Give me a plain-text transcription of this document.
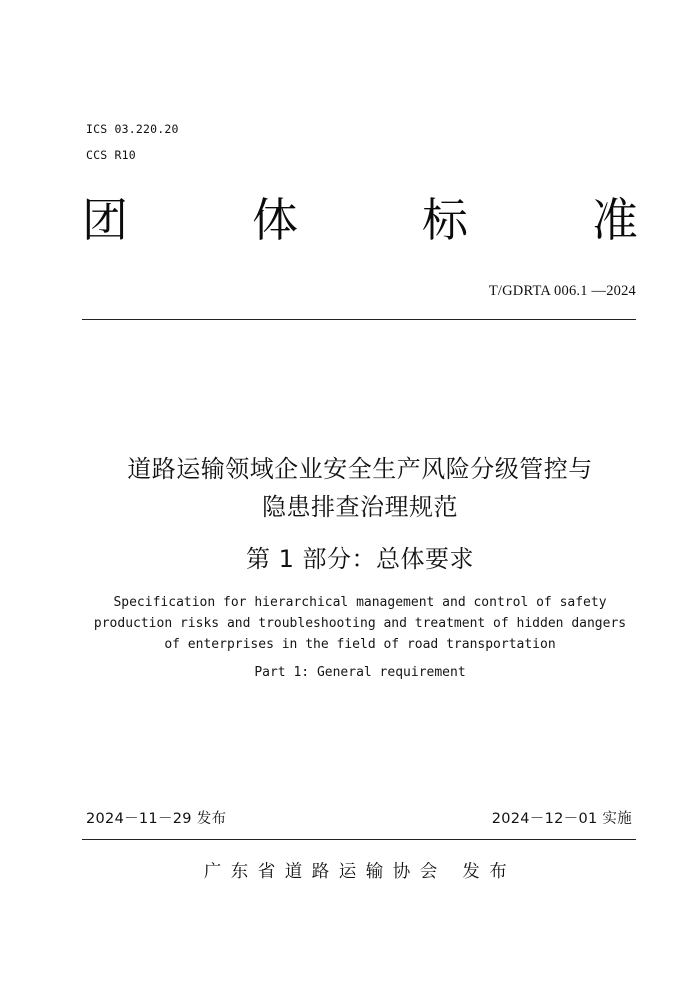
ICS 03.220.20
CCS R10
团	体	标	准
T/GDRTA 006.1 —2024
道路运输领域企业安全生产风险分级管控与
隐患排查治理规范
第 1 部分：总体要求
Specification for hierarchical management and control of safety
production risks and troubleshooting and treatment of hidden dangers
of enterprises in the field of road transportation
Part 1: General requirement
2024－11－29 发布	2024－12－01 实施
广东省道路运输协会 发布
